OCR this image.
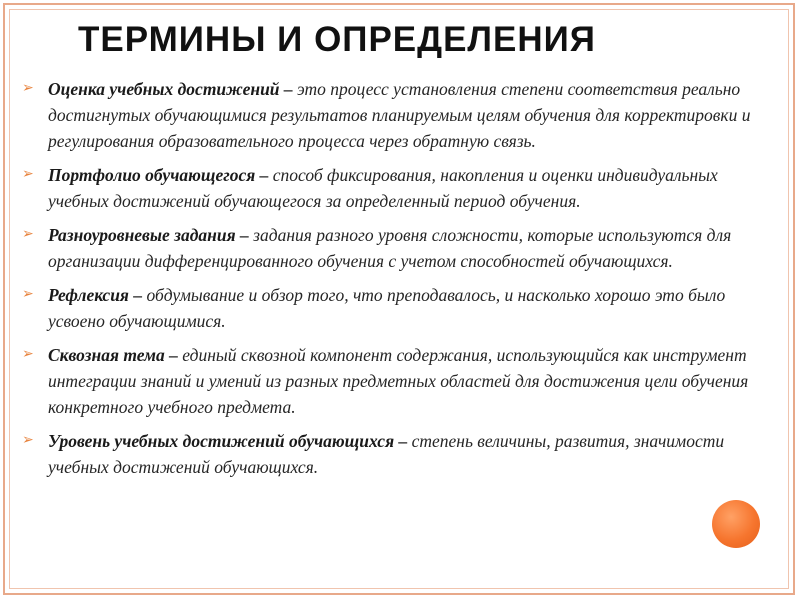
ТЕРМИНЫ И ОПРЕДЕЛЕНИЯ
➢ Оценка учебных достижений – это процесс установления степени соответствия реально достигнутых обучающимися результатов планируемым целям обучения для корректировки и регулирования образовательного процесса через обратную связь.
➢ Портфолио обучающегося – способ фиксирования, накопления и оценки индивидуальных учебных достижений обучающегося за определенный период обучения.
➢ Разноуровневые задания – задания разного уровня сложности, которые используются для организации дифференцированного обучения с учетом способностей обучающихся.
➢ Рефлексия – обдумывание и обзор того, что преподавалось, и насколько хорошо это было усвоено обучающимися.
➢ Сквозная тема – единый сквозной компонент содержания, использующийся как инструмент интеграции знаний и умений из разных предметных областей для достижения цели обучения конкретного учебного предмета.
➢ Уровень учебных достижений обучающихся – степень величины, развития, значимости учебных достижений обучающихся.
